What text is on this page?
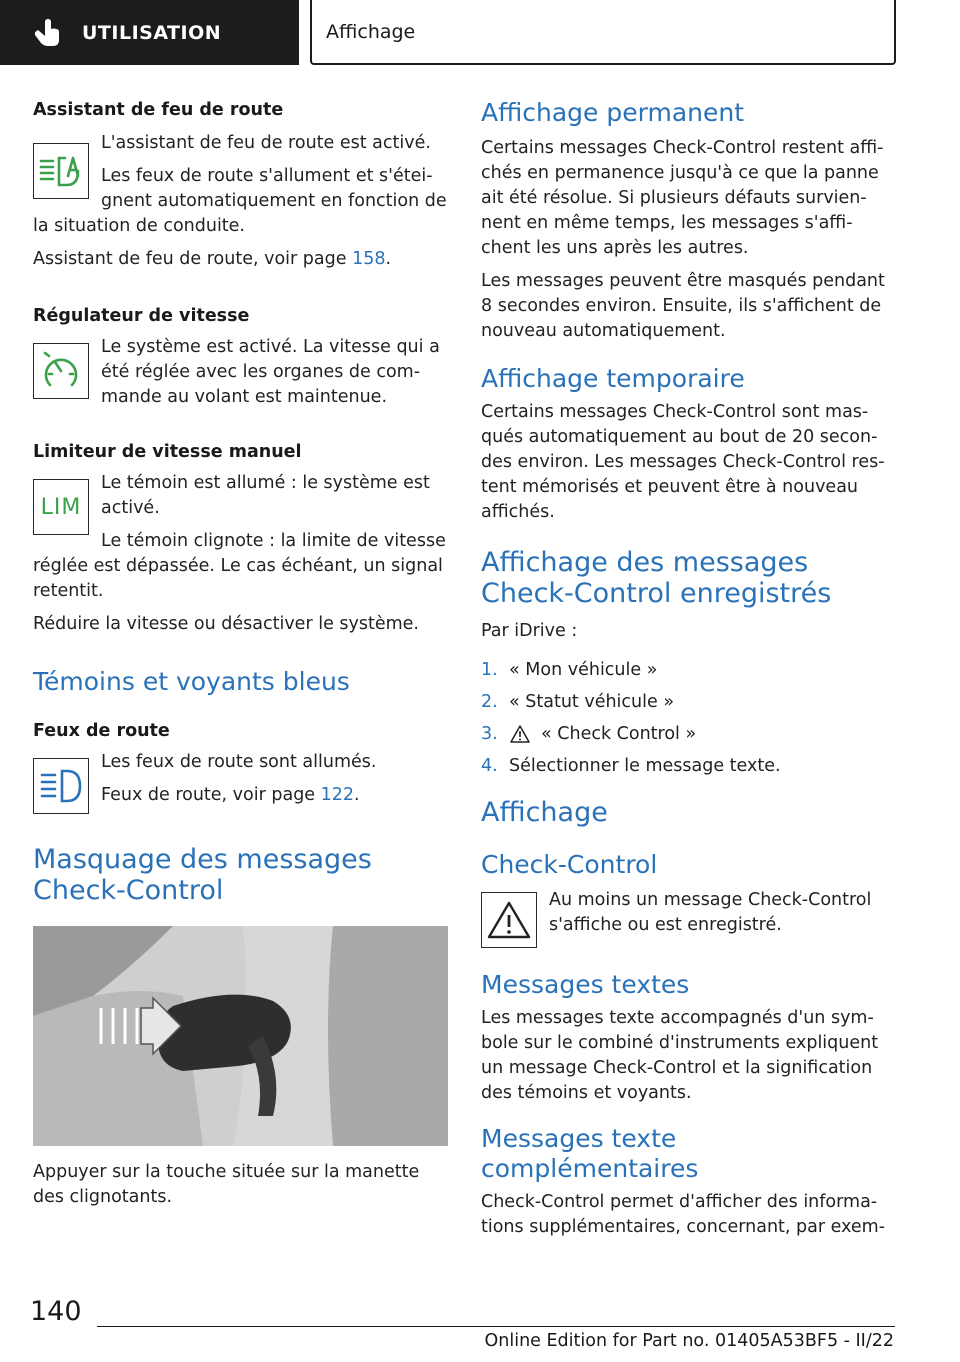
UTILISATION	Affichage
Assistant de feu de route

L'assistant de feu de route est activé.

Les feux de route s'allument et s'étei-gnent automatiquement en fonction de la situation de conduite.

Assistant de feu de route, voir page 158.

Régulateur de vitesse

Le système est activé. La vitesse qui a été réglée avec les organes de com-mande au volant est maintenue.

Limiteur de vitesse manuel
LIM

Le témoin est allumé : le système est activé.

Le témoin clignote : la limite de vitesse réglée est dépassée. Le cas échéant, un signal retentit.

Réduire la vitesse ou désactiver le système.

Témoins et voyants bleus
Feux de route

Les feux de route sont allumés.

Feux de route, voir page 122.

Masquage des messages Check-Control

Appuyer sur la touche située sur la manette des clignotants.

Affichage permanent

Certains messages Check-Control restent affi-chés en permanence jusqu'à ce que la panne ait été résolue. Si plusieurs défauts survien-nent en même temps, les messages s'affi-chent les uns après les autres.

Les messages peuvent être masqués pendant 8 secondes environ. Ensuite, ils s'affichent de nouveau automatiquement.

Affichage temporaire

Certains messages Check-Control sont mas-qués automatiquement au bout de 20 secon-des environ. Les messages Check-Control res-tent mémorisés et peuvent être à nouveau affichés.

Affichage des messages Check-Control enregistrés

Par iDrive :

1. « Mon véhicule »
2. « Statut véhicule »
3.	« Check Control »
4. Sélectionner le message texte.
Affichage
Check-Control

Au moins un message Check-Control s'affiche ou est enregistré.

Messages textes

Les messages texte accompagnés d'un sym-bole sur le combiné d'instruments expliquent un message Check-Control et la signification des témoins et voyants.

Messages texte complémentaires

Check-Control permet d'afficher des informa-tions supplémentaires, concernant, par exem-

140
Online Edition for Part no. 01405A53BF5 - II/22
